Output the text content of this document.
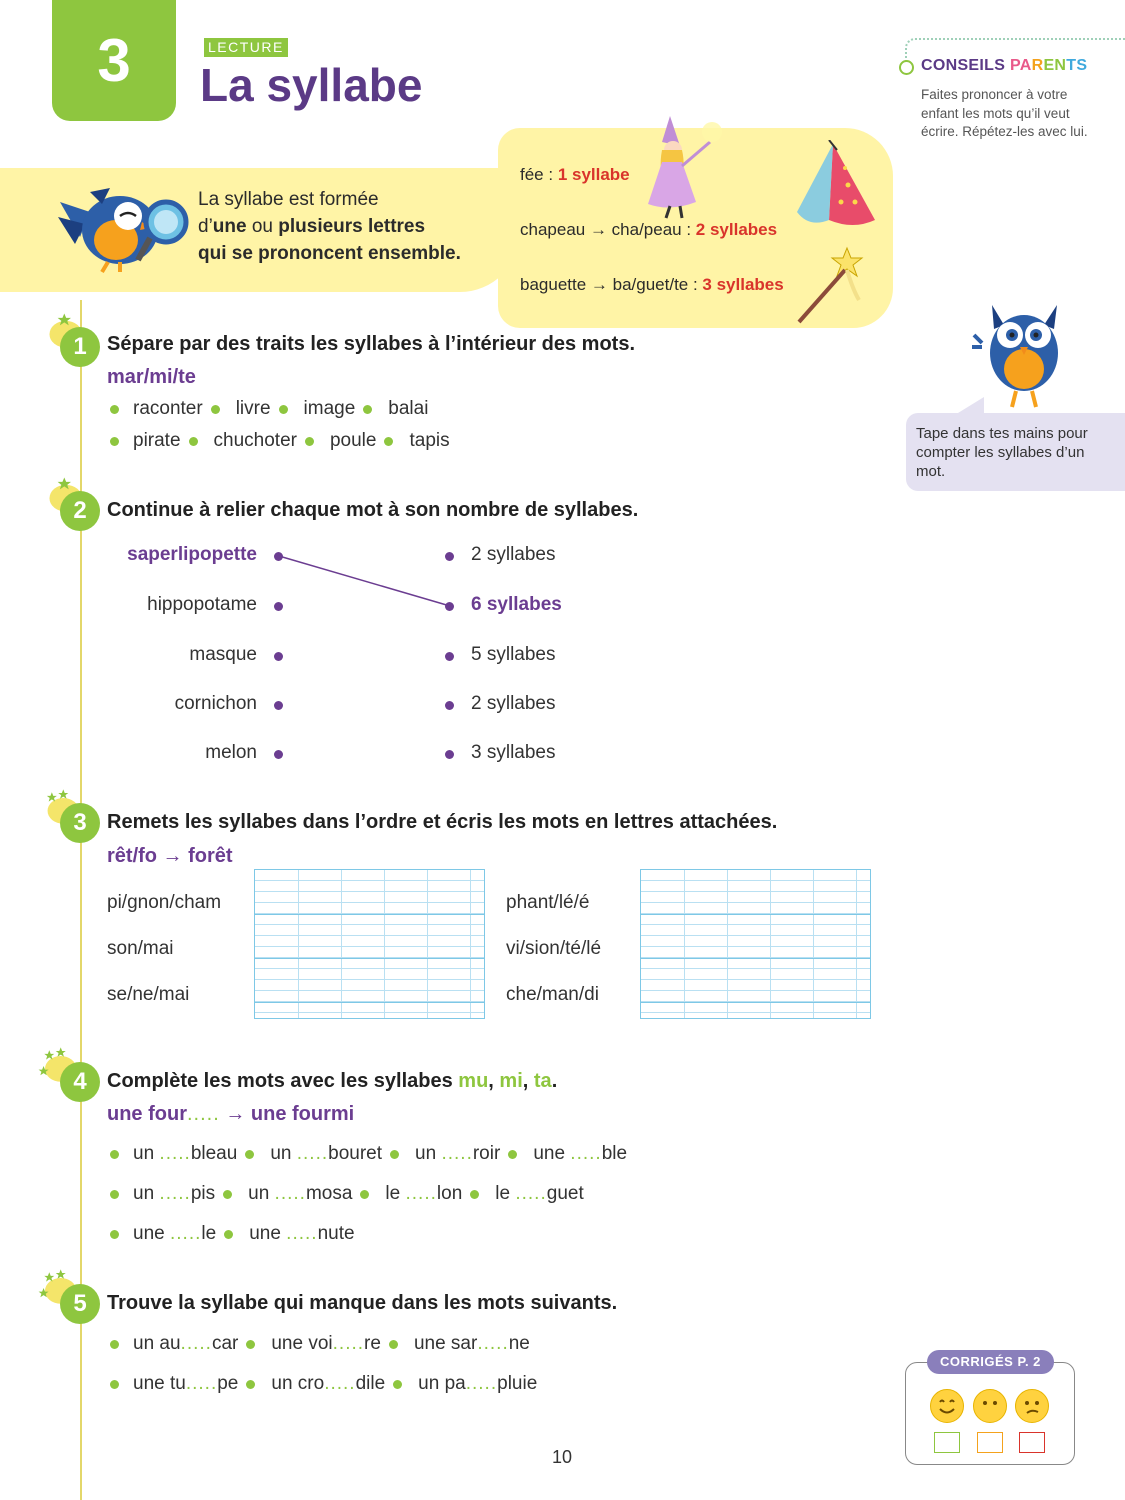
3	LECTURE
La syllabe	CONSEILS PARENTS
Faites prononcer à votre enfant les mots qu’il veut écrire. Répétez-les avec lui.
La syllabe est formée
d’une ou plusieurs lettres
qui se prononcent ensemble.
fée : 1 syllabe
chapeau → cha/peau : 2 syllabes
baguette → ba/guet/te : 3 syllabes
Tape dans tes mains pour compter les syllabes d’un mot.
1	Sépare par des traits les syllabes à l’intérieur des mots.
mar/mi/te
raconter livre image balai
pirate chuchoter poule tapis
2	Continue à relier chaque mot à son nombre de syllabes.
saperlipopette
hippopotame
masque
cornichon
melon
2 syllabes
6 syllabes
5 syllabes
2 syllabes
3 syllabes
3	Remets les syllabes dans l’ordre et écris les mots en lettres attachées.
rêt/fo → forêt
pi/gnon/cham
son/mai
se/ne/mai
phant/lé/é
vi/sion/té/lé
che/man/di
4	Complète les mots avec les syllabes mu, mi, ta.
une four..... → une fourmi
un
..... bleau un
..... bouret un
..... roir une
..... ble
un
..... pis un
..... mosa le
..... lon le
..... guet
une
..... le une
..... nute
5	Trouve la syllabe qui manque dans les mots suivants.
un au ..... car une voi ..... re une sar ..... ne
une tu ..... pe un cro ..... dile un pa ..... pluie
CORRIGÉS P. 2
10
